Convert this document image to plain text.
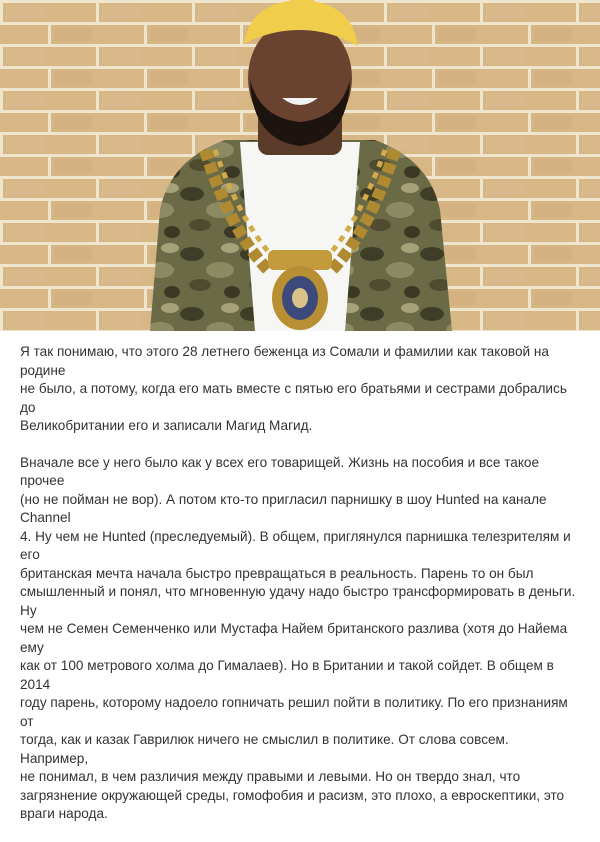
Я так понимаю, что этого 28 летнего беженца из Сомали и фамилии как таковой на родине
не было, а потому, когда его мать вместе с пятью его братьями и сестрами добрались до
Великобритании его и записали Магид Магид.

Вначале все у него было как у всех его товарищей. Жизнь на пособия и все такое прочее
(но не пойман не вор). А потом кто-то пригласил парнишку в шоу Hunted на канале Channel
4. Ну чем не Hunted (преследуемый). В общем, приглянулся парнишка телезрителям и его
британская мечта начала быстро превращаться в реальность. Парень то он был
смышленный и понял, что мгновенную удачу надо быстро трансформировать в деньги. Ну
чем не Семен Семенченко или Мустафа Найем британского разлива (хотя до Найема ему
как от 100 метрового холма до Гималаев). Но в Британии и такой сойдет. В общем в 2014
году парень, которому надоело гопничать решил пойти в политику. По его признаниям от
тогда, как и казак Гаврилюк ничего не смыслил в политике. От слова совсем. Например,
не понимал, в чем различия между правыми и левыми. Но он твердо знал, что
загрязнение окружающей среды, гомофобия и расизм, это плохо, а евроскептики, это
враги народа.
